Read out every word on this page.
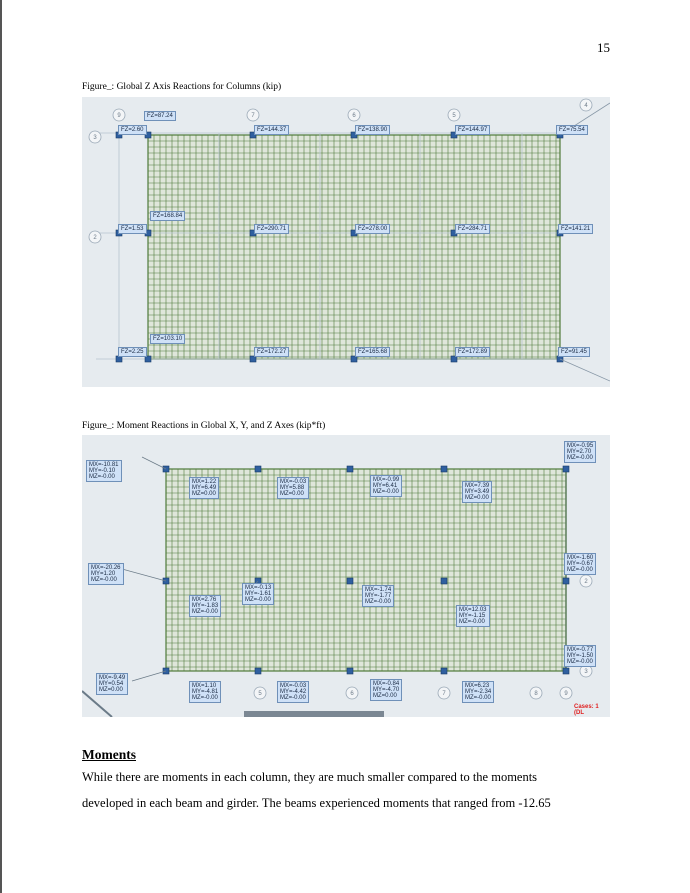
15
Figure_: Global Z Axis Reactions for Columns (kip)
9	7	6	5
4
3
2
FZ=87.24
FZ=2.60	FZ=144.37	FZ=138.90	FZ=144.97	FZ=75.54
FZ=168.84
FZ=1.53	FZ=290.71	FZ=278.00	FZ=284.71	FZ=141.21
FZ=103.10
FZ=2.25	FZ=172.27	FZ=165.68	FZ=172.89	FZ=91.45
Figure_: Moment Reactions in Global X, Y, and Z Axes (kip*ft)
5	6	7	8	9
2
3
MX=-10.81
MY=-0.10
MZ=-0.00
MX=1.22
MY=6.49
MZ=0.00
MX=-0.03
MY=5.88
MZ=0.00
MX=-0.99
MY=6.41
MZ=-0.00
MX=7.39
MY=3.49
MZ=0.00
MX=-0.95
MY=2.70
MZ=-0.00
MX=-20.26
MY=1.20
MZ=-0.00
MX=2.76
MY=-1.83
MZ=-0.00
MX=-0.13
MY=-1.61
MZ=-0.00
MX=-1.74
MY=-1.77
MZ=-0.00
MX=12.03
MY=-1.15
MZ=-0.00
MX=-1.60
MY=-0.67
MZ=-0.00
MX=-9.49
MY=0.54
MZ=0.00
MX=1.10
MY=-4.81
MZ=-0.00
MX=-0.03
MY=-4.42
MZ=-0.00
MX=-0.84
MY=-4.70
MZ=0.00
MX=6.23
MY=-2.34
MZ=-0.00
MX=-0.77
MY=-1.50
MZ=-0.00
Cases: 1 (DL
Moments
While there are moments in each column, they are much smaller compared to the moments
developed in each beam and girder. The beams experienced moments that ranged from -12.65
